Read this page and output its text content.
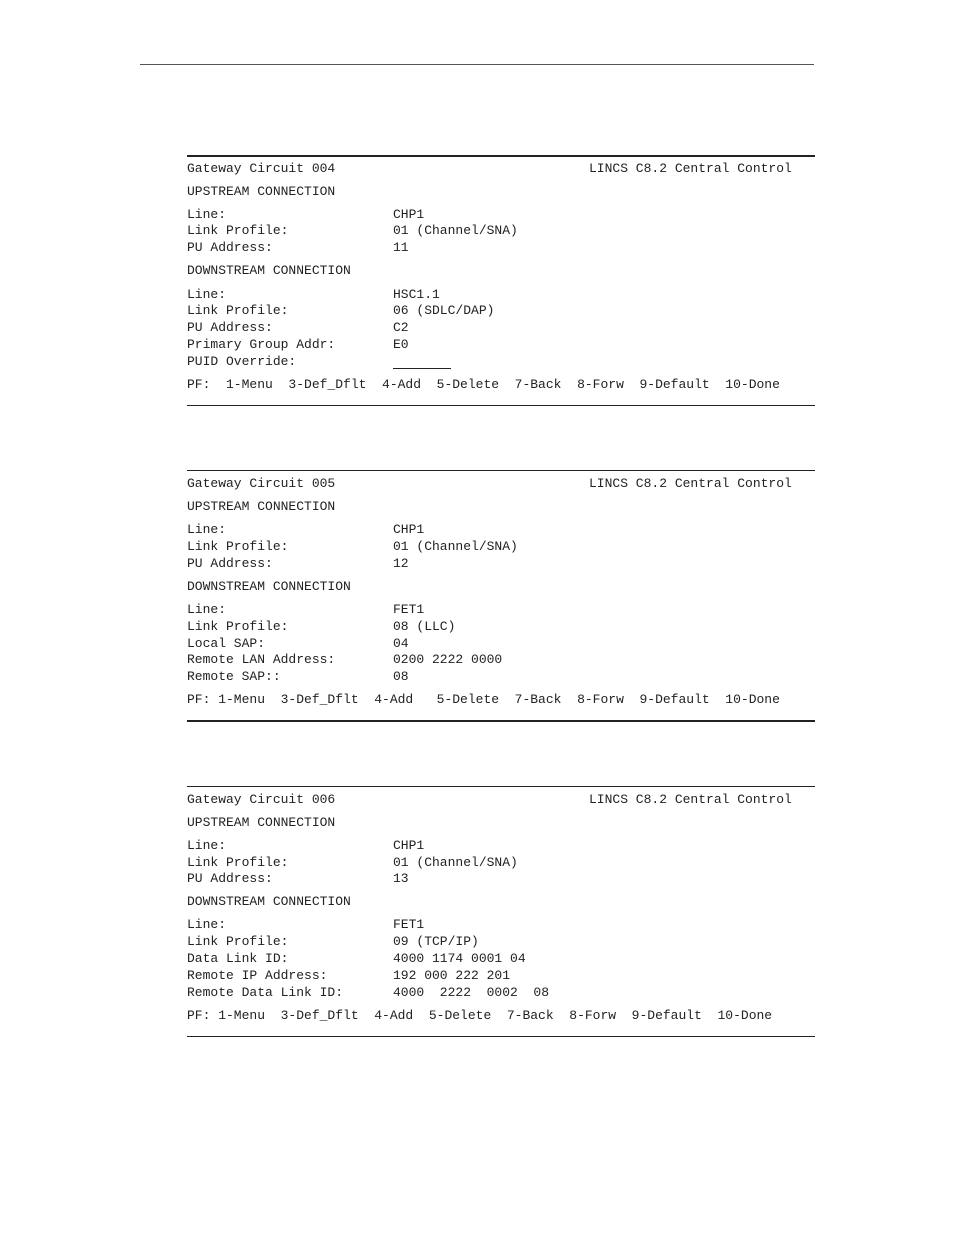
Gateway Circuit 004	LINCS C8.2 Central Control
UPSTREAM CONNECTION
Line:	CHP1
Link Profile:	01 (Channel/SNA)
PU Address:	11
DOWNSTREAM CONNECTION
Line:	HSC1.1
Link Profile:	06 (SDLC/DAP)
PU Address:	C2
Primary Group Addr:	E0
PUID Override:
PF:  1-Menu  3-Def_Dflt  4-Add  5-Delete  7-Back  8-Forw  9-Default  10-Done
Gateway Circuit 005	LINCS C8.2 Central Control
UPSTREAM CONNECTION
Line:	CHP1
Link Profile:	01 (Channel/SNA)
PU Address:	12
DOWNSTREAM CONNECTION
Line:	FET1
Link Profile:	08 (LLC)
Local SAP:	04
Remote LAN Address:	0200 2222 0000
Remote SAP::	08
PF: 1-Menu  3-Def_Dflt  4-Add   5-Delete  7-Back  8-Forw  9-Default  10-Done
Gateway Circuit 006	LINCS C8.2 Central Control
UPSTREAM CONNECTION
Line:	CHP1
Link Profile:	01 (Channel/SNA)
PU Address:	13
DOWNSTREAM CONNECTION
Line:	FET1
Link Profile:	09 (TCP/IP)
Data Link ID:	4000 1174 0001 04
Remote IP Address:	192 000 222 201
Remote Data Link ID:	4000  2222  0002  08
PF: 1-Menu  3-Def_Dflt  4-Add  5-Delete  7-Back  8-Forw  9-Default  10-Done
